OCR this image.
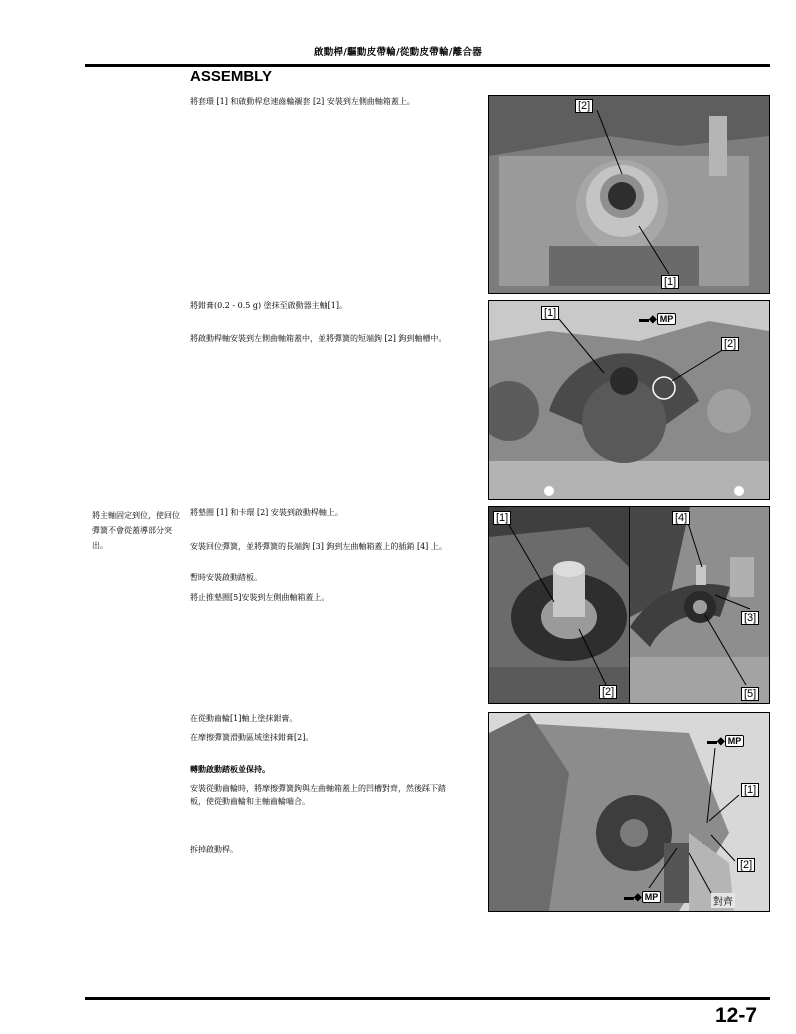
啟動桿/驅動皮帶輪/從動皮帶輪/離合器
ASSEMBLY
將套環 [1] 和啟動桿怠速齒輪襯套 [2] 安裝到左側曲軸箱蓋上。
將鉗膏(0.2 - 0.5 g) 塗抹至啟動器主軸[1]。
將啟動桿軸安裝到左側曲軸箱蓋中，並將彈簧的短端鉤 [2] 鉤到軸槽中。
將墊圈 [1] 和卡環 [2] 安裝到啟動桿軸上。
安裝回位彈簧，並將彈簧的長端鉤 [3] 鉤到左曲軸箱蓋上的插銷 [4] 上。
暫時安裝啟動踏板。
將止推墊圈[5]安裝到左側曲軸箱蓋上。
在從動齒輪[1]軸上塗抹鉗膏。
在摩擦彈簧滑動區域塗抹鉗膏[2]。
轉動啟動踏板並保持。
安裝從動齒輪時，將摩擦彈簧鉤與左曲軸箱蓋上的凹槽對齊，然後踩下踏
板，使從動齒輪和主軸齒輪嚙合。
拆掉啟動桿。
將主軸固定到位，使回位彈簧不會從蓋導部分突出。
[2]
[1]
[1]
[2]
▬◆ MP
[1]
[2]
[4]
[3]
[5]
[1]
[2]
▬◆ MP
▬◆ MP	對齊
12-7
